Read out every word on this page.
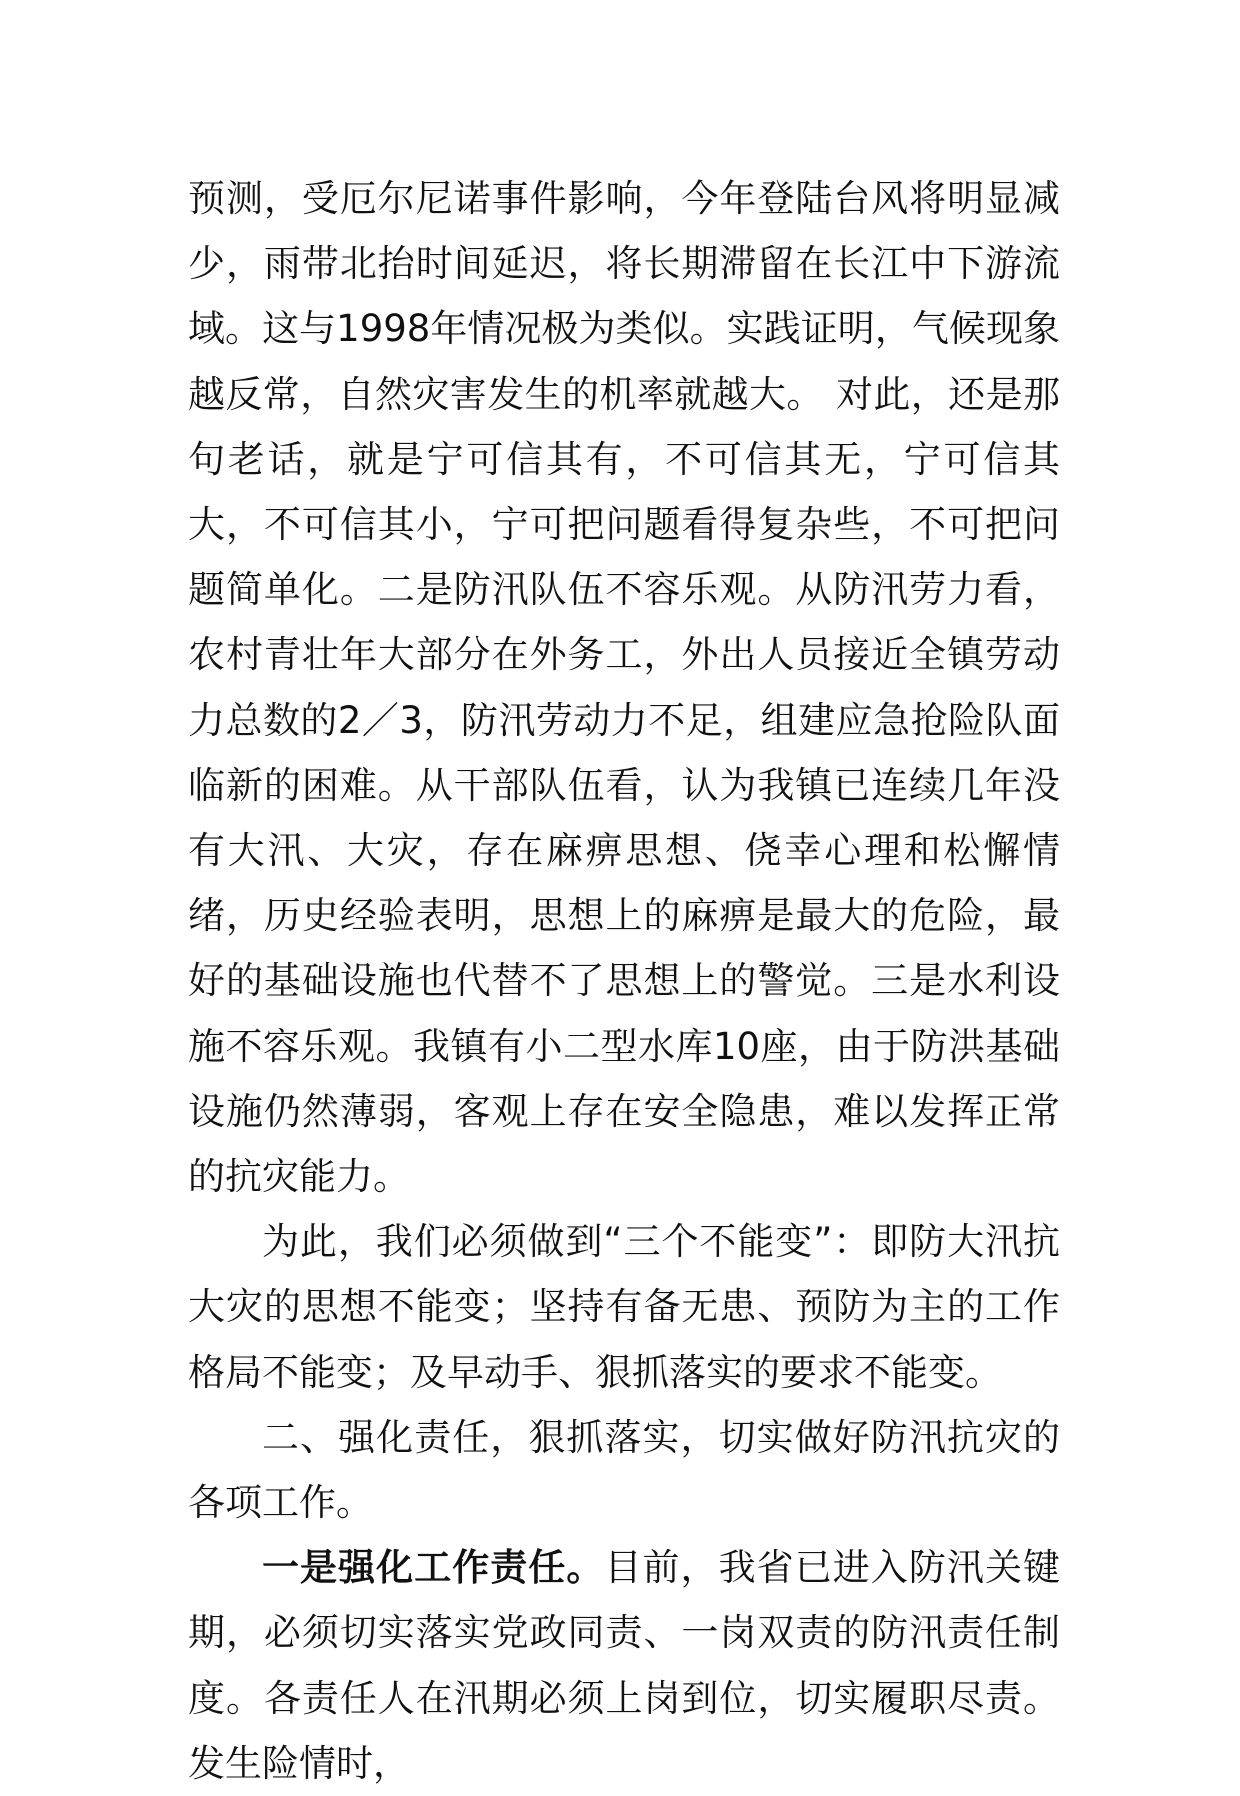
预测，受厄尔尼诺事件影响，今年登陆台风将明显减少，雨带北抬时间延迟，将长期滞留在长江中下游流域。这与1998年情况极为类似。实践证明，气候现象越反常，自然灾害发生的机率就越大。 对此，还是那句老话，就是宁可信其有，不可信其无，宁可信其大，不可信其小，宁可把问题看得复杂些，不可把问题简单化。二是防汛队伍不容乐观。从防汛劳力看，农村青壮年大部分在外务工，外出人员接近全镇劳动力总数的2／3，防汛劳动力不足，组建应急抢险队面临新的困难。从干部队伍看，认为我镇已连续几年没有大汛、大灾，存在麻痹思想、侥幸心理和松懈情绪，历史经验表明，思想上的麻痹是最大的危险，最好的基础设施也代替不了思想上的警觉。三是水利设施不容乐观。我镇有小二型水库10座，由于防洪基础设施仍然薄弱，客观上存在安全隐患，难以发挥正常的抗灾能力。

为此，我们必须做到“三个不能变”：即防大汛抗大灾的思想不能变；坚持有备无患、预防为主的工作格局不能变；及早动手、狠抓落实的要求不能变。

二、强化责任，狠抓落实，切实做好防汛抗灾的各项工作。

一是强化工作责任。目前，我省已进入防汛关键期，必须切实落实党政同责、一岗双责的防汛责任制度。各责任人在汛期必须上岗到位，切实履职尽责。发生险情时，
